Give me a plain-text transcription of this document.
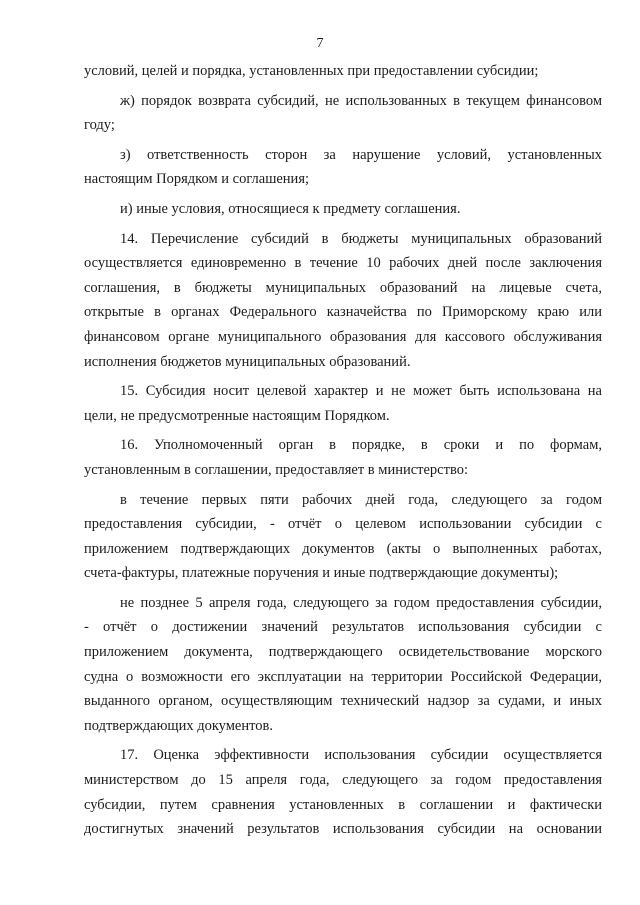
7
условий, целей и порядка, установленных при предоставлении субсидии;
ж) порядок возврата субсидий, не использованных в текущем финансовом
году;
з) ответственность сторон за нарушение условий, установленных
настоящим Порядком и соглашения;
и) иные условия, относящиеся к предмету соглашения.
14. Перечисление субсидий в бюджеты муниципальных образований
осуществляется единовременно в течение 10 рабочих дней после заключения
соглашения, в бюджеты муниципальных образований на лицевые счета,
открытые в органах Федерального казначейства по Приморскому краю или
финансовом органе муниципального образования для кассового обслуживания
исполнения бюджетов муниципальных образований.
15. Субсидия носит целевой характер и не может быть использована на
цели, не предусмотренные настоящим Порядком.
16. Уполномоченный орган в порядке, в сроки и по формам,
установленным в соглашении, предоставляет в министерство:
в течение первых пяти рабочих дней года, следующего за годом
предоставления субсидии, - отчёт о целевом использовании субсидии с
приложением подтверждающих документов (акты о выполненных работах,
счета-фактуры, платежные поручения и иные подтверждающие документы);
не позднее 5 апреля года, следующего за годом предоставления субсидии,
- отчёт о достижении значений результатов использования субсидии с
приложением документа, подтверждающего освидетельствование морского
судна о возможности его эксплуатации на территории Российской Федерации,
выданного органом, осуществляющим технический надзор за судами, и иных
подтверждающих документов.
17. Оценка эффективности использования субсидии осуществляется
министерством до 15 апреля года, следующего за годом предоставления
субсидии, путем сравнения установленных в соглашении и фактически
достигнутых значений результатов использования субсидии на основании
